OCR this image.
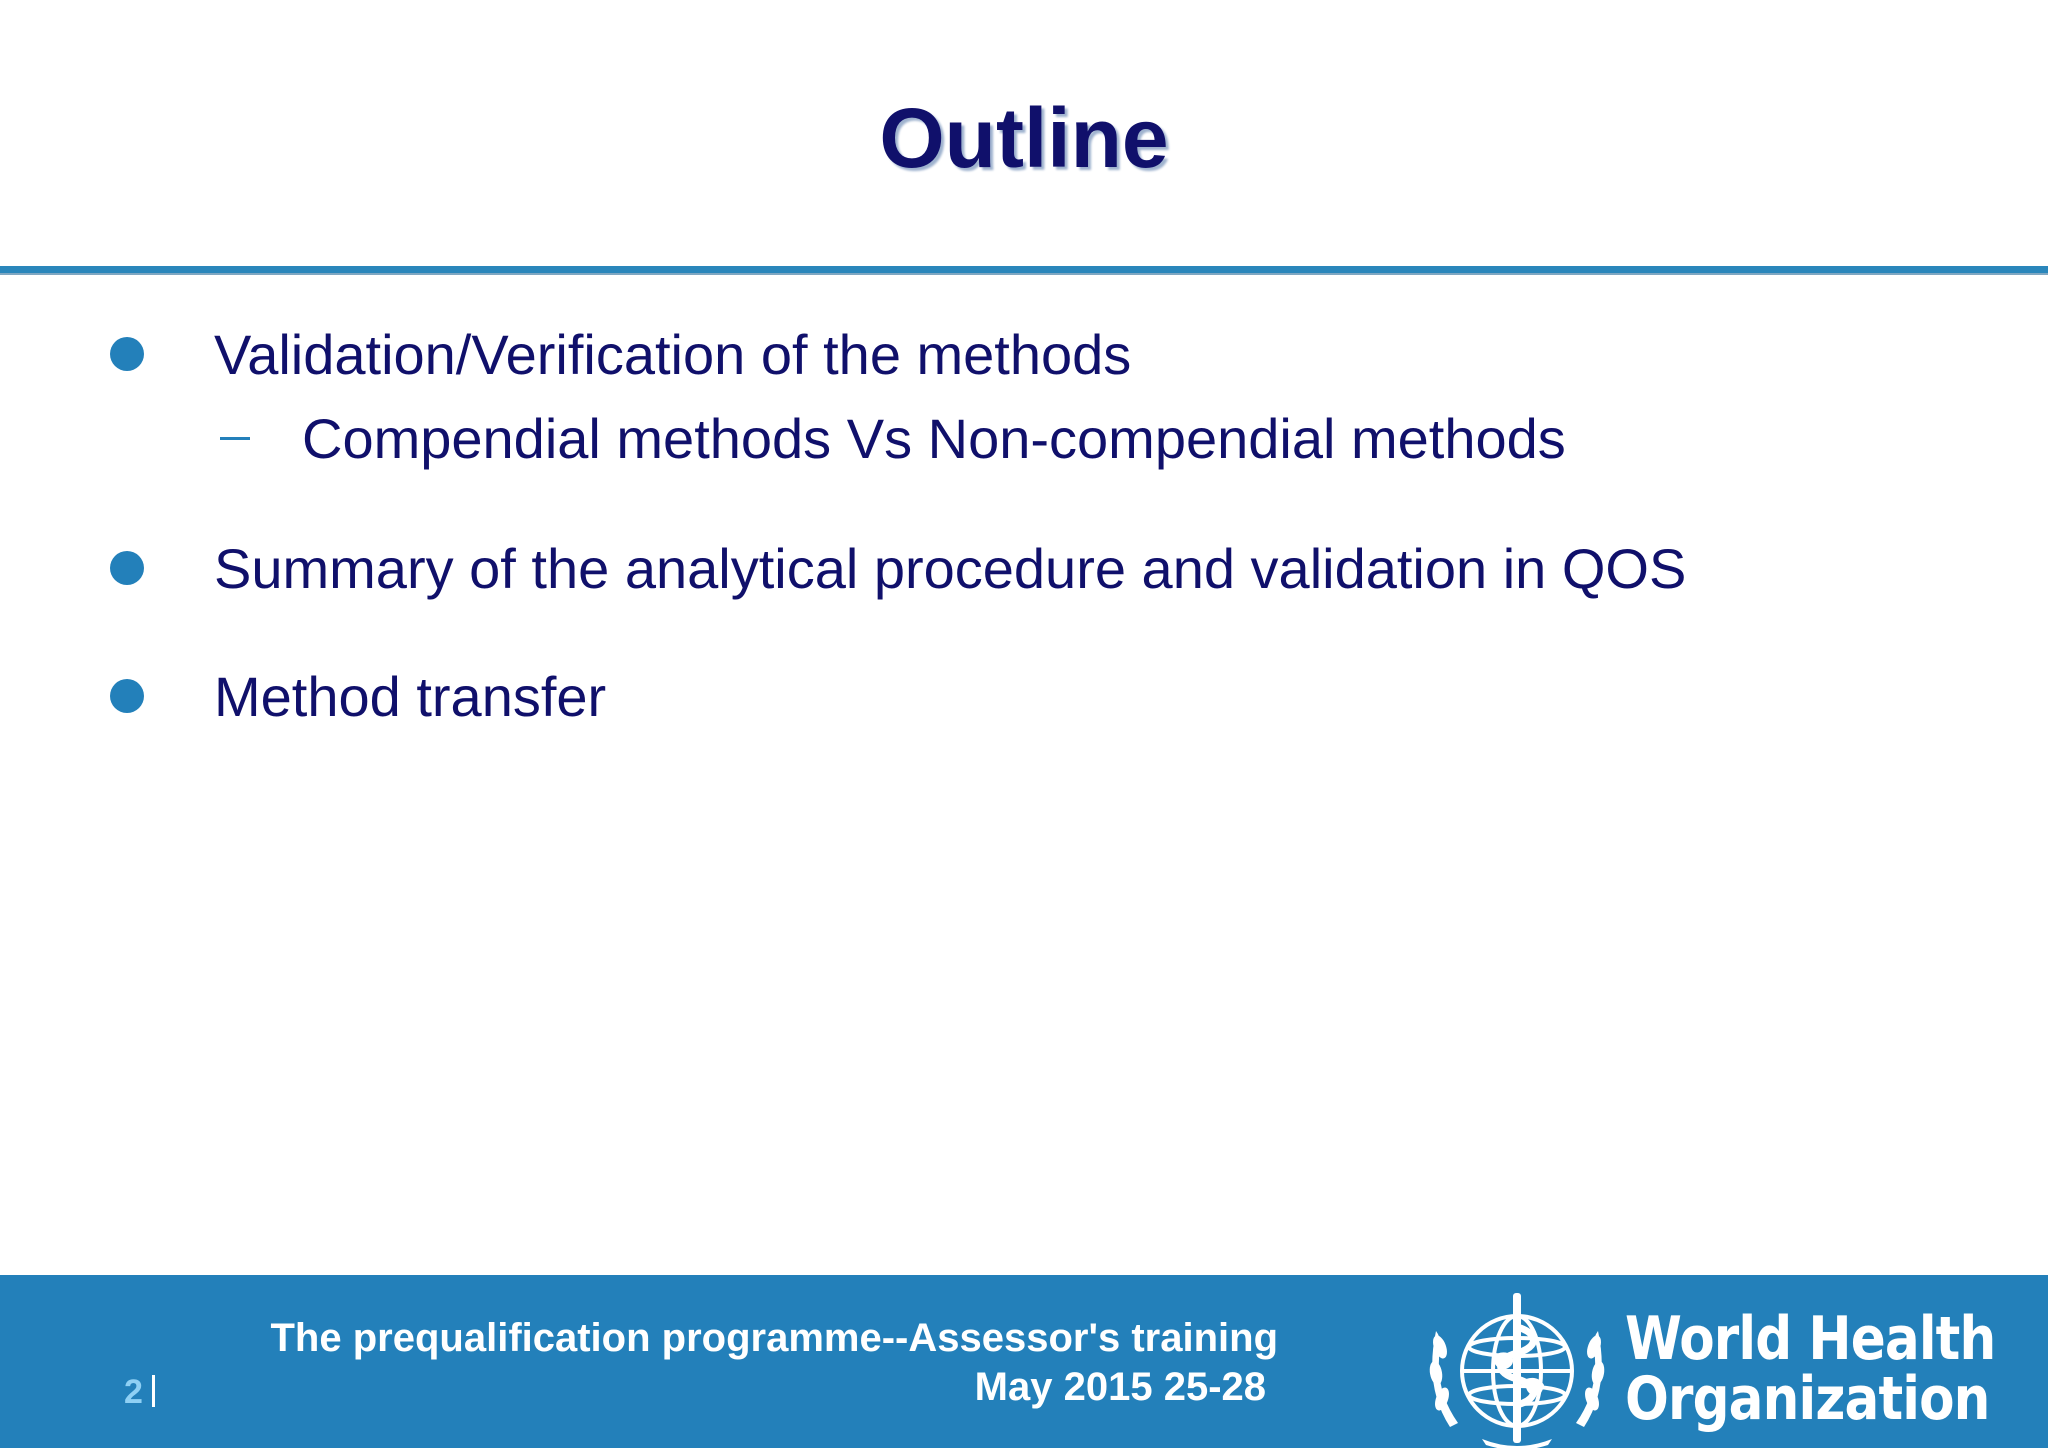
Outline
Validation/Verification of the methods
Compendial methods Vs Non-compendial methods
Summary of the analytical procedure and validation in QOS
Method transfer
2
The prequalification programme--Assessor's training
May 2015 25-28
World Health
Organization
